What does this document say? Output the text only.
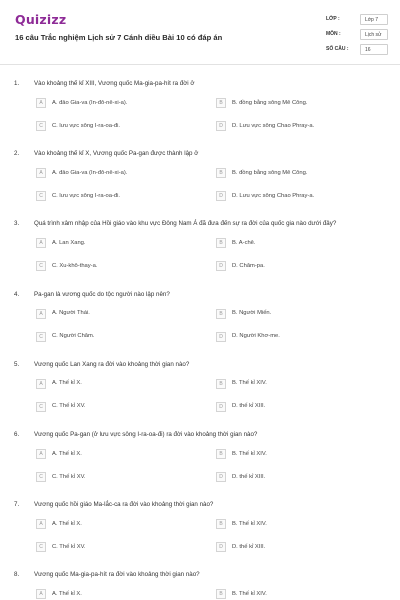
Quizizz
16 câu Trắc nghiệm Lịch sử 7 Cánh diều Bài 10 có đáp án
LỚP :	Lớp 7
MÔN :	Lịch sử
SỐ CÂU :	16
1. Vào khoảng thế kỉ XIII, Vương quốc Ma-gia-pa-hít ra đời ở
A	A. đảo Gia-va (In-đô-nê-xi-a).	B	B. đồng bằng sông Mê Công.
C	C. lưu vực sông I-ra-oa-đi.	D	D. Lưu vực sông Chao Phray-a.
2. Vào khoảng thế kỉ X, Vương quốc Pa-gan được thành lập ở
A	A. đảo Gia-va (In-đô-nê-xi-a).	B	B. đồng bằng sông Mê Công.
C	C. lưu vực sông I-ra-oa-đi.	D	D. Lưu vực sông Chao Phray-a.
3. Quá trình xâm nhập của Hồi giáo vào khu vực Đông Nam Á đã đưa đến sự ra đời của quốc gia nào dưới đây?
A	A. Lan Xang.	B	B. A-chê.
C	C. Xu-khô-thay-a.	D	D. Chăm-pa.
4. Pa-gan là vương quốc do tộc người nào lập nên?
A	A. Người Thái.	B	B. Người Miến.
C	C. Người Chăm.	D	D. Người Khơ-me.
5. Vương quốc Lan Xang ra đời vào khoảng thời gian nào?
A	A. Thế kỉ X.	B	B. Thế kỉ XIV.
C	C. Thế kỉ XV.	D	D. thế kỉ XIII.
6. Vương quốc Pa-gan (ở lưu vực sông I-ra-oa-đi) ra đời vào khoảng thời gian nào?
A	A. Thế kỉ X.	B	B. Thế kỉ XIV.
C	C. Thế kỉ XV.	D	D. thế kỉ XIII.
7. Vương quốc hồi giáo Ma-lắc-ca ra đời vào khoảng thời gian nào?
A	A. Thế kỉ X.	B	B. Thế kỉ XIV.
C	C. Thế kỉ XV.	D	D. thế kỉ XIII.
8. Vương quốc Ma-gia-pa-hít ra đời vào khoảng thời gian nào?
A	A. Thế kỉ X.	B	B. Thế kỉ XIV.
